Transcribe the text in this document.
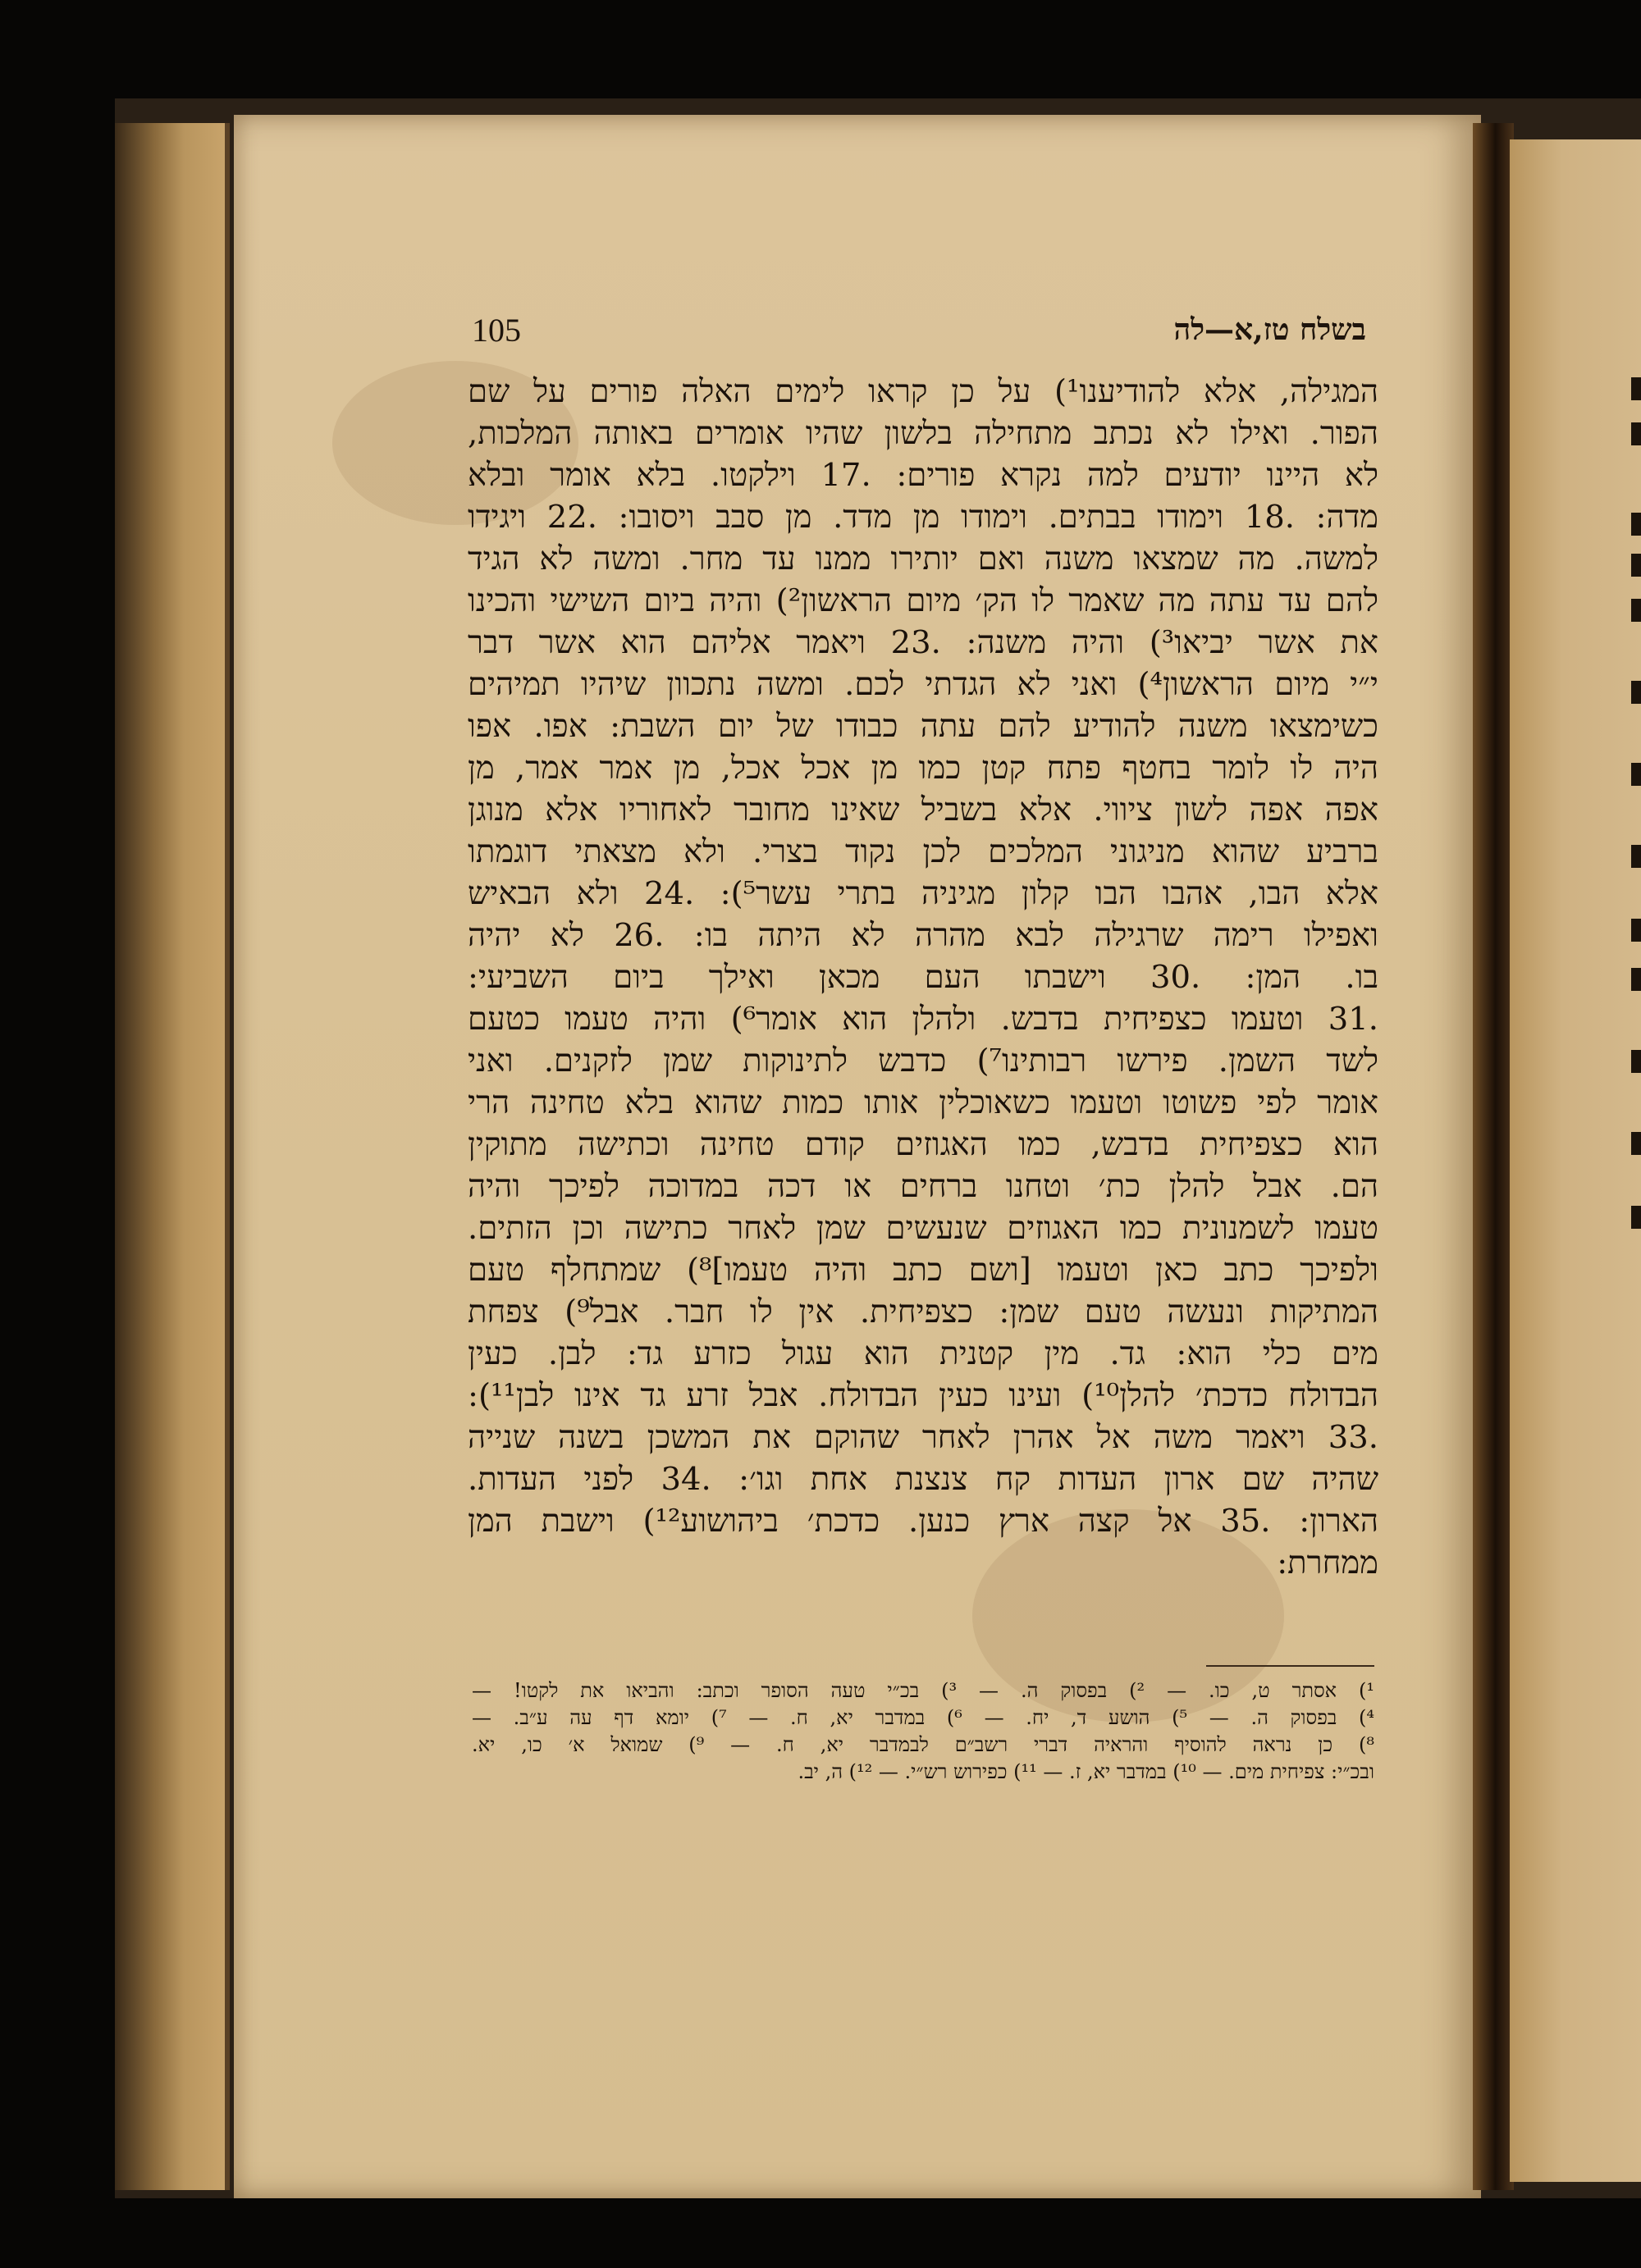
בשלח טז,א—לה
105
המגילה, אלא להודיענו¹) על כן קראו לימים האלה פורים על שם
הפור. ואילו לא נכתב מתחילה בלשון שהיו אומרים באותה המלכות,
לא היינו יודעים למה נקרא פורים: .17 וילקטו. בלא אומר ובלא
מדה: .18 וימודו בבתים. וימודו מן מדד. מן סבב ויסובו: .22 ויגידו
למשה. מה שמצאו משנה ואם יותירו ממנו עד מחר. ומשה לא הגיד
להם עד עתה מה שאמר לו הק׳ מיום הראשון²) והיה ביום השישי והכינו
את אשר יביאו³) והיה משנה: .23 ויאמר אליהם הוא אשר דבר
י״י מיום הראשון⁴) ואני לא הגדתי לכם. ומשה נתכוון שיהיו תמיהים
כשימצאו משנה להודיע להם עתה כבודו של יום השבת: אפו. אפו
היה לו לומר בחטף פתח קטן כמו מן אכל אכל, מן אמר אמר, מן
אפה אפה לשון ציווי. אלא בשביל שאינו מחובר לאחוריו אלא מנוגן
ברביע שהוא מניגוני המלכים לכן נקוד בצרי. ולא מצאתי דוגמתו
אלא הבו, אהבו הבו קלון מגיניה בתרי עשר⁵): .24 ולא הבאיש
ואפילו רימה שרגילה לבא מהרה לא היתה בו: .26 לא יהיה
בו. המן: .30 וישבתו העם מכאן ואילך ביום השביעי:
.31 וטעמו כצפיחית בדבש. ולהלן הוא אומר⁶) והיה טעמו כטעם
לשד השמן. פירשו רבותינו⁷) כדבש לתינוקות שמן לזקנים. ואני
אומר לפי פשוטו וטעמו כשאוכלין אותו כמות שהוא בלא טחינה הרי
הוא כצפיחית בדבש, כמו האגוזים קודם טחינה וכתישה מתוקין
הם. אבל להלן כת׳ וטחנו ברחים או דכה במדוכה לפיכך והיה
טעמו לשמנונית כמו האגוזים שנעשים שמן לאחר כתישה וכן הזתים.
ולפיכך כתב כאן וטעמו [ושם כתב והיה טעמו]⁸) שמתחלף טעם
המתיקות ונעשה טעם שמן: כצפיחית. אין לו חבר. אבל⁹) צפחת
מים כלי הוא: גד. מין קטנית הוא עגול כזרע גד: לבן. כעין
הבדולח כדכת׳ להלן¹⁰) ועינו כעין הבדולח. אבל זרע גד אינו לבן¹¹):
.33 ויאמר משה אל אהרן לאחר שהוקם את המשכן בשנה שנייה
שהיה שם ארון העדות קח צנצנת אחת וגו׳: .34 לפני העדות.
הארון: .35 אל קצה ארץ כנען. כדכת׳ ביהושוע¹²) וישבת המן
ממחרת:
¹) אסתר ט, כו. — ²) בפסוק ה. — ³) בכ״י טעה הסופר וכתב: והביאו את לקטו! —
⁴) בפסוק ה. — ⁵) הושע ד, יח. — ⁶) במדבר יא, ח. — ⁷) יומא דף עה ע״ב. —
⁸) כן נראה להוסיף והראיה דברי רשב״ם לבמדבר יא, ח. — ⁹) שמואל א׳ כו, יא.
ובכ״י: צפיחית מים. — ¹⁰) במדבר יא, ז. — ¹¹) כפירוש רש״י. — ¹²) ה, יב.
